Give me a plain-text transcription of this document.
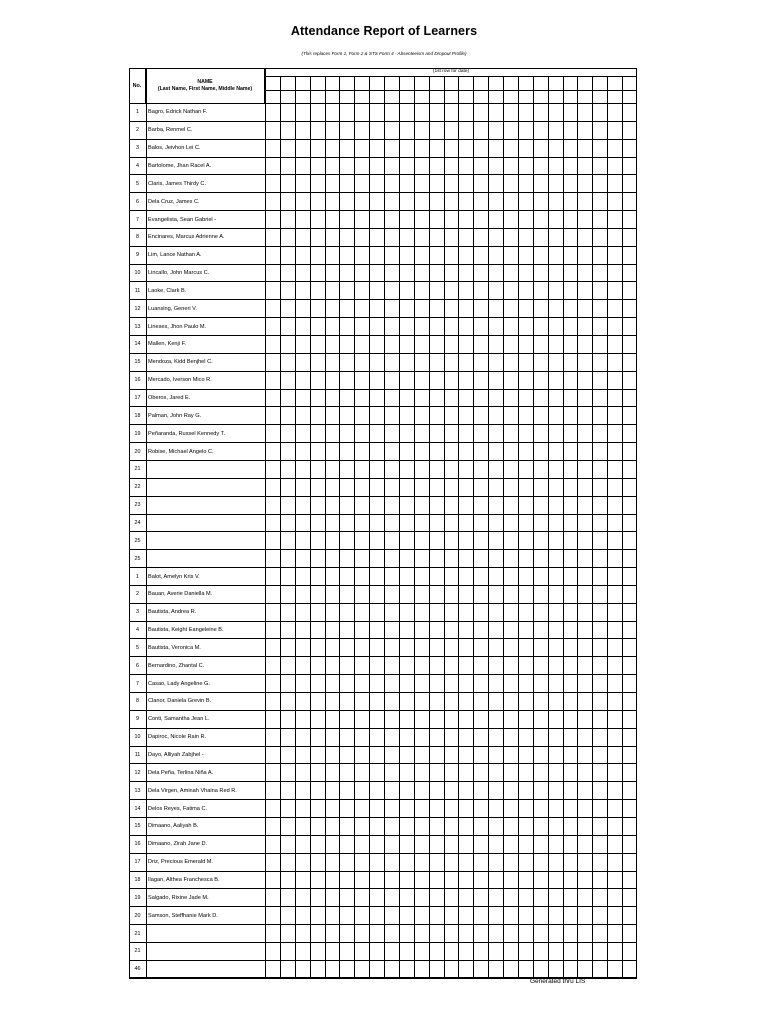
Attendance Report of Learners
(This replaces Form 1, Form 2 & STS Form 4 - Absenteeism and Dropout Profile)
No.
NAME
(Last Name, First Name, Middle Name)
(1st row for date)
1	Bagro, Edrick Nathan F.
2	Barba, Renmel C.
3	Balos, Jeivhon Lei C.
4	Bartolome, Jhan Racel A.
5	Claris, James Thirdy C.
6	Dela Cruz, James C.
7	Evangelista, Sean Gabriel -
8	Encinares, Marcus Adrienne A.
9	Lim, Lance Nathan A.
10	Lincallo, John Marcus C.
11	Laoke, Clark B.
12	Luansing, Generi V.
13	Lineses, Jhon Paulo M.
14	Mallen, Kenji F.
15	Mendoza, Kidd Benjhel C.
16	Mercado, Iverson Mico R.
17	Oberos, Jared E.
18	Palman, John Ray G.
19	Peñaranda, Russel Kennedy T.
20	Robise, Michael Angelo C.
21
22
23
24
25
25
1	Balot, Amelyn Kris V.
2	Bauan, Averie Daniella M.
3	Bautista, Andrea R.
4	Bautista, Keight Eangeleine B.
5	Bautista, Veronica M.
6	Bernardino, Zhantal C.
7	Casao, Lady Angeline G.
8	Clanor, Daniela Grevin B.
9	Conti, Samantha Jean L.
10	Dapiroc, Nicole Rain R.
11	Dayo, Alliyah Zabjhel -
12	Dela Peña, Terlina Niña A.
13	Dela Virgen, Aminah Vhaina Red R.
14	Delos Reyes, Fatima C.
15	Dimaano, Aaliyah B.
16	Dimaano, Zirah Jane D.
17	Driz, Precious Emerald M.
18	Ilagan, Althea Franchesca B.
19	Salgado, Rixine Jade M.
20	Samson, Steffhanie Mark D.
21
21
46
Generated thru LIS
